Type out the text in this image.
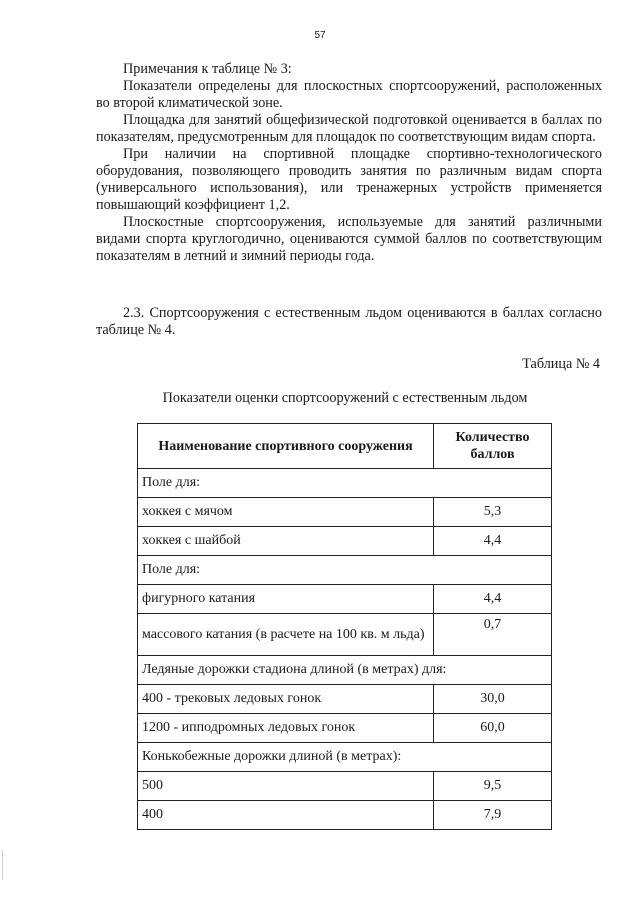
57

Примечания к таблице № 3:

Показатели определены для плоскостных спортсооружений, расположенных во второй климатической зоне.

Площадка для занятий общефизической подготовкой оценивается в баллах по показателям, предусмотренным для площадок по соответствующим видам спорта.

При наличии на спортивной площадке спортивно-технологического оборудования, позволяющего проводить занятия по различным видам спорта (универсального использования), или тренажерных устройств применяется повышающий коэффициент 1,2.

Плоскостные спортсооружения, используемые для занятий различными видами спорта круглогодично, оцениваются суммой баллов по соответствующим показателям в летний и зимний периоды года.

2.3. Спортсооружения с естественным льдом оцениваются в баллах согласно таблице № 4.

Таблица № 4
Показатели оценки спортсооружений с естественным льдом
Наименование спортивного сооружения	Количество баллов
Поле для:	
хоккея с мячом	5,3
хоккея с шайбой	4,4
Поле для:	
фигурного катания	4,4
массового катания (в расчете на 100 кв. м льда)	0,7
Ледяные дорожки стадиона длиной (в метрах) для:	
400 - трековых ледовых гонок	30,0
1200 - ипподромных ледовых гонок	60,0
Конькобежные дорожки длиной (в метрах):	
500	9,5
400	7,9
